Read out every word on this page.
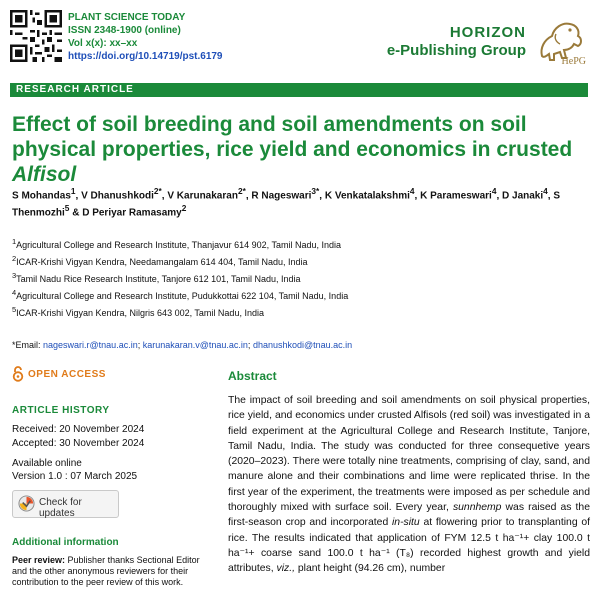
PLANT SCIENCE TODAY
ISSN 2348-1900 (online)
Vol x(x): xx–xx
https://doi.org/10.14719/pst.6179
HORIZON
e-Publishing Group
HePG
RESEARCH ARTICLE
Effect of soil breeding and soil amendments on soil physical properties, rice yield and economics in crusted Alfisol
S Mohandas$^1$, V Dhanushkodi$^{2*}$, V Karunakaran$^{2*}$, R Nageswari$^{3*}$, K Venkatalakshmi$^4$, K Parameswari$^4$, D Janaki$^4$, S Thenmozhi$^5$ & D Periyar Ramasamy$^2$
$^1$Agricultural College and Research Institute, Thanjavur 614 902, Tamil Nadu, India
$^2$ICAR-Krishi Vigyan Kendra, Needamangalam 614 404, Tamil Nadu, India
$^3$Tamil Nadu Rice Research Institute, Tanjore 612 101, Tamil Nadu, India
$^4$Agricultural College and Research Institute, Pudukkottai 622 104, Tamil Nadu, India
$^5$ICAR-Krishi Vigyan Kendra, Nilgris 643 002, Tamil Nadu, India
*Email: nageswari.r@tnau.ac.in; karunakaran.v@tnau.ac.in; dhanushkodi@tnau.ac.in
OPEN ACCESS
ARTICLE HISTORY
Received: 20 November 2024
Accepted: 30 November 2024
Available online
Version 1.0 : 07 March 2025
Check for updates
Additional information
Peer review: Publisher thanks Sectional Editor and the other anonymous reviewers for their contribution to the peer review of this work.
Abstract
The impact of soil breeding and soil amendments on soil physical properties, rice yield, and economics under crusted Alfisols (red soil) was investigated in a field experiment at the Agricultural College and Research Institute, Tanjore, Tamil Nadu, India. The study was conducted for three consequetive years (2020–2023). There were totally nine treatments, comprising of clay, sand, and manure alone and their combinations and lime were replicated thrise. In the first year of the experiment, the treatments were imposed as per schedule and thoroughly mixed with surface soil. Every year, sunnhemp was raised as the first-season crop and incorporated in-situ at flowering prior to transplanting of rice. The results indicated that application of FYM 12.5 t ha⁻¹+ clay 100.0 t ha⁻¹+ coarse sand 100.0 t ha⁻¹ (T₈) recorded highest growth and yield attributes, viz., plant height (94.26 cm), number
